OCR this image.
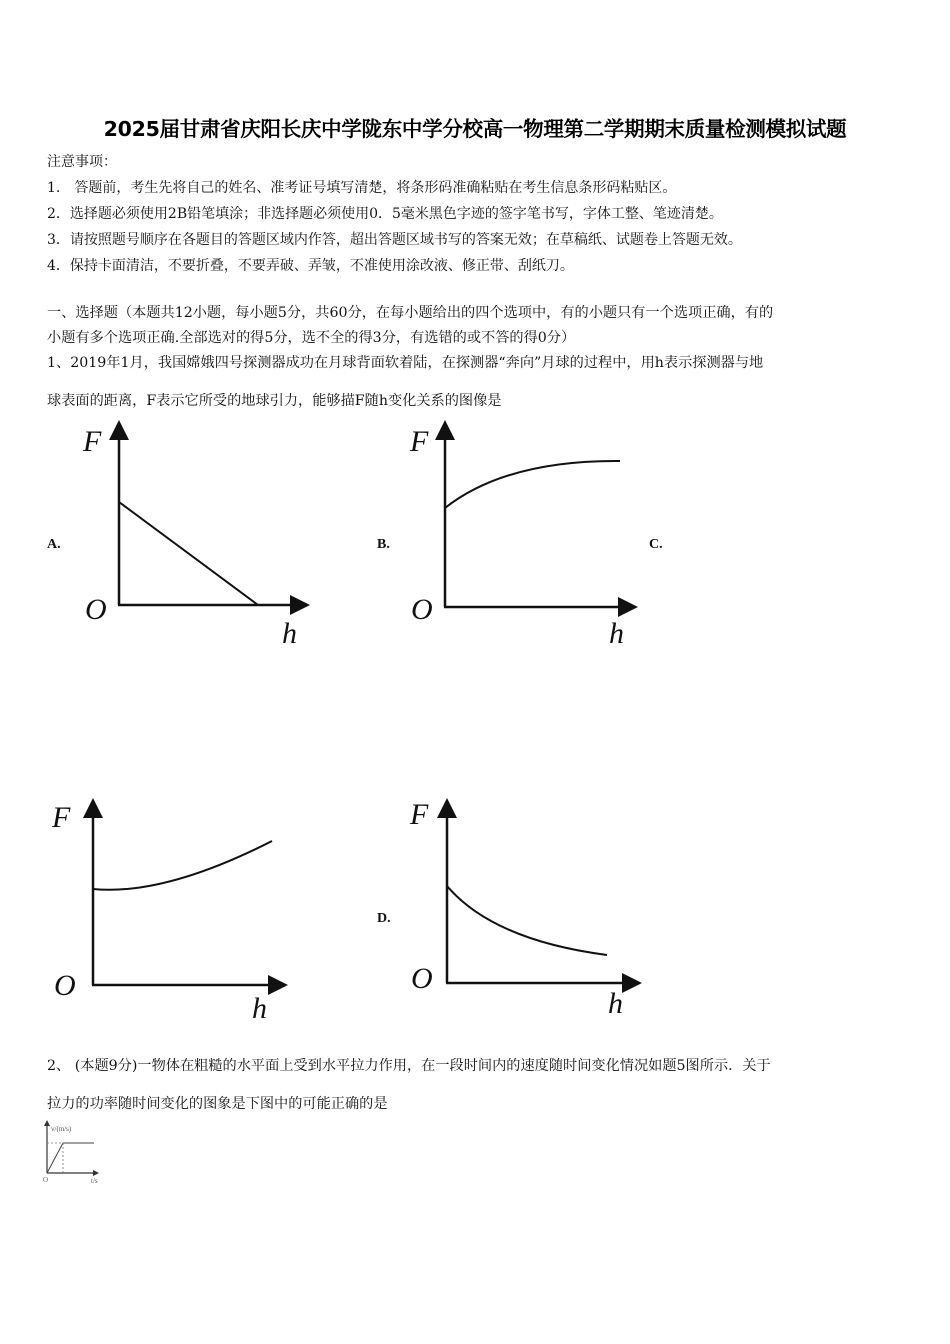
2025届甘肃省庆阳长庆中学陇东中学分校高一物理第二学期期末质量检测模拟试题
注意事项：
1.　答题前，考生先将自己的姓名、准考证号填写清楚，将条形码准确粘贴在考生信息条形码粘贴区。
2．选择题必须使用2B铅笔填涂；非选择题必须使用0．5毫米黑色字迹的签字笔书写，字体工整、笔迹清楚。
3．请按照题号顺序在各题目的答题区域内作答，超出答题区域书写的答案无效；在草稿纸、试题卷上答题无效。
4．保持卡面清洁，不要折叠，不要弄破、弄皱，不准使用涂改液、修正带、刮纸刀。
一、选择题（本题共12小题，每小题5分，共60分，在每小题给出的四个选项中，有的小题只有一个选项正确，有的
小题有多个选项正确.全部选对的得5分，选不全的得3分，有选错的或不答的得0分）
1、2019年1月，我国嫦娥四号探测器成功在月球背面软着陆，在探测器“奔向”月球的过程中，用h表示探测器与地
球表面的距离，F表示它所受的地球引力，能够描F随h变化关系的图像是
A.	B.	C.
D.
F
O
h
F
O
h
F
O
h
F
O
h
2、 (本题9分)一物体在粗糙的水平面上受到水平拉力作用，在一段时间内的速度随时间变化情况如题5图所示．关于
拉力的功率随时间变化的图象是下图中的可能正确的是
v/(m/s)
O	t/s
